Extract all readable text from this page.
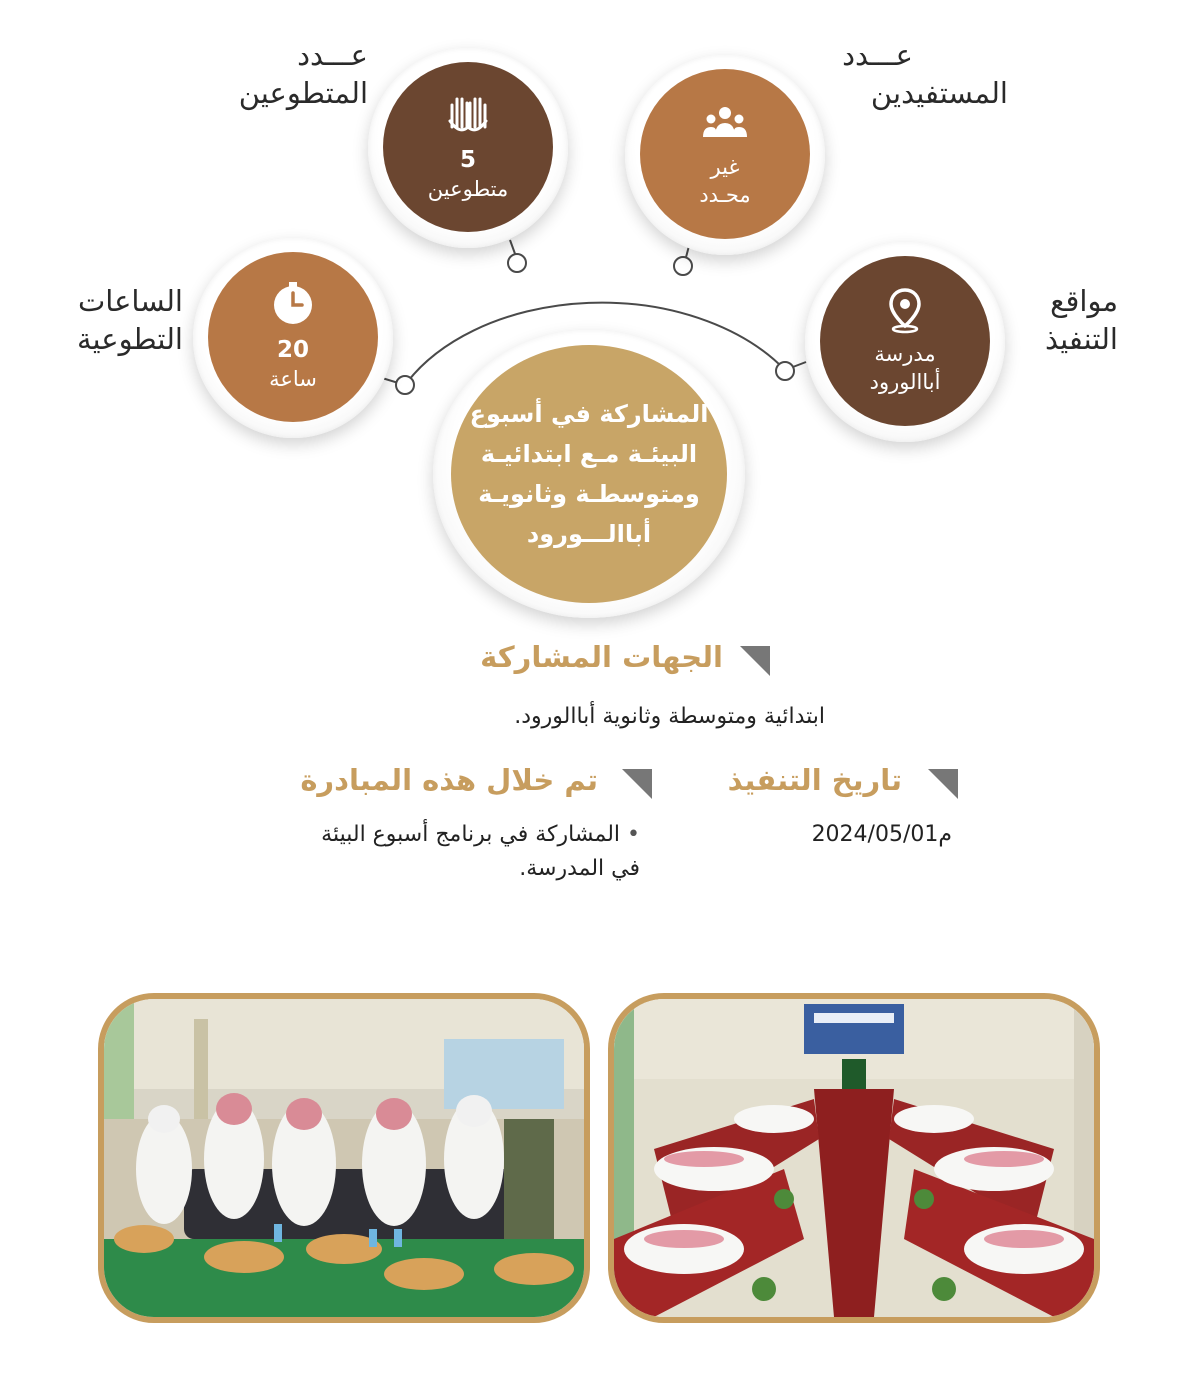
عـــدد
المتطوعين
5
متطوعين
غير
محـدد
عـــدد
المستفيدين
الساعات
التطوعية	20
ساعة
مدرسة
أباالورود
مواقع
التنفيذ
المشاركة في أسبوع
البيئـة مـع ابتدائيـة
ومتوسطـة وثانويـة
أباالـــورود
الجهات المشاركة
ابتدائية ومتوسطة وثانوية أباالورود.
تاريخ التنفيذ
2024/05/01م
تم خلال هذه المبادرة
• المشاركة في برنامج أسبوع البيئة
في المدرسة.
